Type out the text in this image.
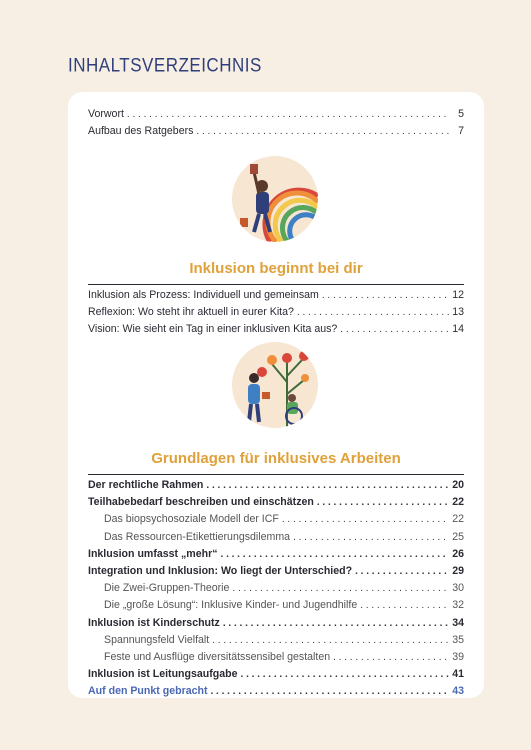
INHALTSVERZEICHNIS
Vorwort . . .	5
Aufbau des Ratgebers . . .	7
Inklusion beginnt bei dir
Inklusion als Prozess: Individuell und gemeinsam . . .	12
Reflexion: Wo steht ihr aktuell in eurer Kita? . . .	13
Vision: Wie sieht ein Tag in einer inklusiven Kita aus? . . .	14
Grundlagen für inklusives Arbeiten
Der rechtliche Rahmen . . .	20
Teilhabebedarf beschreiben und einschätzen . . .	22
Das biopsychosoziale Modell der ICF . . .	22
Das Ressourcen-Etikettierungsdilemma . . .	25
Inklusion umfasst „mehr“ . . .	26
Integration und Inklusion: Wo liegt der Unterschied? . . .	29
Die Zwei-Gruppen-Theorie . . .	30
Die „große Lösung“: Inklusive Kinder- und Jugendhilfe . . .	32
Inklusion ist Kinderschutz . . .	34
Spannungsfeld Vielfalt . . .	35
Feste und Ausflüge diversitätssensibel gestalten . . .	39
Inklusion ist Leitungsaufgabe . . .	41
Auf den Punkt gebracht . . .	43
